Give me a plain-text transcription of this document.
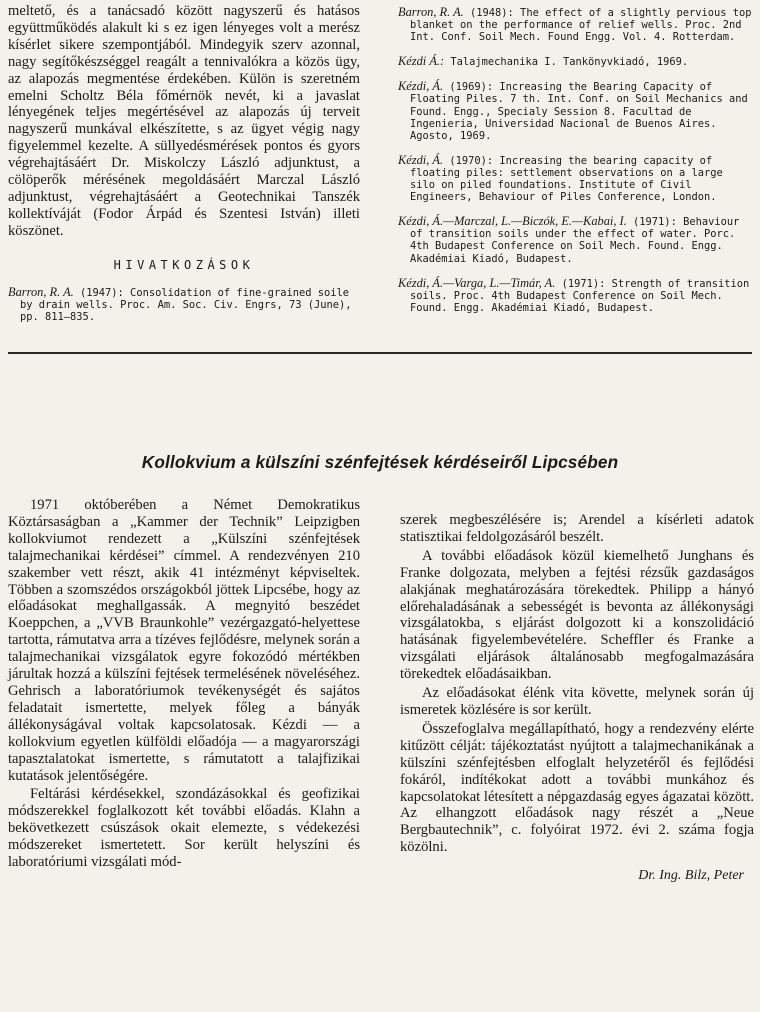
meltető, és a tanácsadó között nagyszerű és hatásos együttműködés alakult ki s ez igen lényeges volt a merész kísérlet sikere szempontjából. Mindegyik szerv azonnal, nagy segítőkészséggel reagált a tennivalókra a közös ügy, az alapozás megmentése érdekében. Külön is szeretném emelni Scholtz Béla főmérnök nevét, ki a javaslat lényegének teljes megértésével az alapozás új terveit nagyszerű munkával elkészítette, s az ügyet végig nagy figyelemmel kezelte. A süllyedésmérések pontos és gyors végrehajtásáért Dr. Miskolczy László adjunktust, a cölöperők mérésének megoldásáért Marczal László adjunktust, végrehajtásáért a Geotechnikai Tanszék kollektíváját (Fodor Árpád és Szentesi István) illeti köszönet.

HIVATKOZÁSOK

Barron, R. A. (1947): Consolidation of fine-grained soile by drain wells. Proc. Am. Soc. Civ. Engrs, 73 (June), pp. 811—835.

Barron, R. A. (1948): The effect of a slightly pervious top blanket on the performance of relief wells. Proc. 2nd Int. Conf. Soil Mech. Found Engg. Vol. 4. Rotterdam.

Kézdi Á.: Talajmechanika I. Tankönyvkiadó, 1969.

Kézdi, Á. (1969): Increasing the Bearing Capacity of Floating Piles. 7 th. Int. Conf. on Soil Mechanics and Found. Engg., Specialy Session 8. Facultad de Ingenieria, Universidad Nacional de Buenos Aires. Agosto, 1969.

Kézdi, Á. (1970): Increasing the bearing capacity of floating piles: settlement observations on a large silo on piled foundations. Institute of Civil Engineers, Behaviour of Piles Conference, London.

Kézdi, Á.—Marczal, L.—Biczók, E.—Kabai, I. (1971): Behaviour of transition soils under the effect of water. Porc. 4th Budapest Conference on Soil Mech. Found. Engg. Akadémiai Kiadó, Budapest.

Kézdi, Á.—Varga, L.—Timár, A. (1971): Strength of transition soils. Proc. 4th Budapest Conference on Soil Mech. Found. Engg. Akadémiai Kiadó, Budapest.

Kollokvium a külszíni szénfejtések kérdéseiről Lipcsében

1971 októberében a Német Demokratikus Köztársaságban a „Kammer der Technik” Leipzigben kollokviumot rendezett a „Külszíni szénfejtések talajmechanikai kérdései” címmel. A rendezvényen 210 szakember vett részt, akik 41 intézményt képviseltek. Többen a szomszédos országokból jöttek Lipcsébe, hogy az előadásokat meghallgassák. A megnyitó beszédet Koeppchen, a „VVB Braunkohle” vezérgazgató-helyettese tartotta, rámutatva arra a tízéves fejlődésre, melynek során a talajmechanikai vizsgálatok egyre fokozódó mértékben járultak hozzá a külszíni fejtések termelésének növeléséhez. Gehrisch a laboratóriumok tevékenységét és sajátos feladatait ismertette, melyek főleg a bányák állékonyságával voltak kapcsolatosak. Kézdi — a kollokvium egyetlen külföldi előadója — a magyarországi tapasztalatokat ismertette, s rámutatott a talajfizikai kutatások jelentőségére.

Feltárási kérdésekkel, szondázásokkal és geofizikai módszerekkel foglalkozott két további előadás. Klahn a bekövetkezett csúszások okait elemezte, s védekezési módszereket ismertetett. Sor került helyszíni és laboratóriumi vizsgálati mód-

szerek megbeszélésére is; Arendel a kísérleti adatok statisztikai feldolgozásáról beszélt.

A további előadások közül kiemelhető Junghans és Franke dolgozata, melyben a fejtési rézsűk gazdaságos alakjának meghatározására törekedtek. Philipp a hányó előrehaladásának a sebességét is bevonta az állékonysági vizsgálatokba, s eljárást dolgozott ki a konszolidáció hatásának figyelembevételére. Scheffler és Franke a vizsgálati eljárások általánosabb megfogalmazására törekedtek előadásaikban.

Az előadásokat élénk vita követte, melynek során új ismeretek közlésére is sor került.

Összefoglalva megállapítható, hogy a rendezvény elérte kitűzött célját: tájékoztatást nyújtott a talajmechanikának a külszíni szénfejtésben elfoglalt helyzetéről és fejlődési fokáról, indítékokat adott a további munkához és kapcsolatokat létesített a népgazdaság egyes ágazatai között. Az elhangzott előadások nagy részét a „Neue Bergbautechnik”, c. folyóirat 1972. évi 2. száma fogja közölni.

Dr. Ing. Bilz, Peter
